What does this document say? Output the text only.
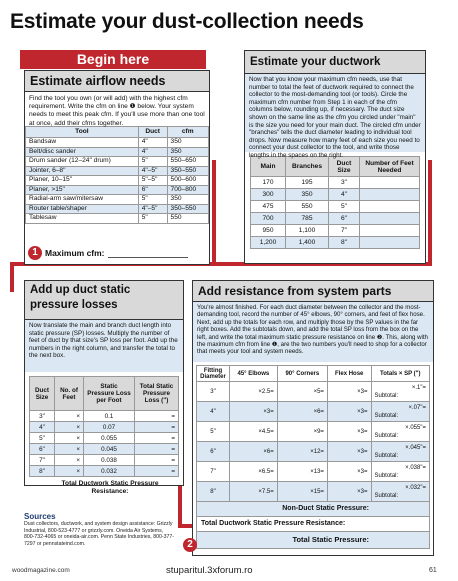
Estimate your dust-collection needs
Begin here
Estimate airflow needs
Find the tool you own (or will add) with the highest cfm requirement. Write the cfm on line ❶ below. Your system needs to meet this peak cfm. If you'll use more than one tool at once, add their cfms together.
Tool	Duct	cfm
Bandsaw	4"	350
Belt/disc sander	4"	350
Drum sander (12–24" drum)	5"	550–650
Jointer, 6–8"	4"–5"	350–550
Planer, 10–15"	5"–5"	500–600
Planer, >15"	6"	700–800
Radial-arm saw/mitersaw	5"	350
Router table/shaper	4"–5"	350–550
Tablesaw	5"	550
1 Maximum cfm:
Estimate your ductwork
Now that you know your maximum cfm needs, use that number to total the feet of ductwork required to connect the collector to the most-demanding tool (or tools). Circle the maximum cfm number from Step 1 in each of the cfm columns below, rounding up, if necessary. The duct size shown on the same line as the cfm you circled under "main" is the size you need for your main duct. The circled cfm under "branches" tells the duct diameter leading to individual tool drops. Now measure how many feet of each size you need to connect your dust collector to the tool, and write those lengths in the spaces on the right.
Main	Branches	Duct Size	Number of Feet Needed
170	195	3"	
300	350	4"	
475	550	5"	
700	785	6"	
950	1,100	7"	
1,200	1,400	8"	
Add up duct static pressure losses
Now translate the main and branch duct length into static pressure (SP) losses. Multiply the number of feet of duct by that size's SP loss per foot. Add up the numbers in the right column, and transfer the total to the next box.
Duct Size	No. of Feet	Static Pressure Loss per Foot	Total Static Pressure Loss (")
3"	×	0.1	=
4"	×	0.07	=
5"	×	0.055	=
6"	×	0.045	=
7"	×	0.038	=
8"	×	0.032	=
Total Ductwork Static Pressure Resistance:
Add resistance from system parts
You're almost finished. For each duct diameter between the collector and the most-demanding tool, record the number of 45° elbows, 90° corners, and feet of flex hose. Next, add up the totals for each row, and multiply those by the SP values in the far right boxes. Add the subtotals down, and add the total SP loss from the box on the left, and write the total maximum static pressure resistance on line ❷. This, along with the maximum cfm from line ❶, are the two numbers you'll need to shop for a collector that meets your tool and system needs.
Fitting Diameter	45° Elbows	90° Corners	Flex Hose	Totals × SP (")
3"	×2.5=	×5=	×3=	×.1"=
Subtotal:

4"	×3=	×6=	×3=	×.07"=
Subtotal:

5"	×4.5=	×9=	×3=	×.055"=
Subtotal:

6"	×6=	×12=	×3=	×.045"=
Subtotal:

7"	×6.5=	×13=	×3=	×.038"=
Subtotal:

8"	×7.5=	×15=	×3=	×.032"=
Subtotal:
Non-Duct Static Pressure:
Total Ductwork Static Pressure Resistance:
Total Static Pressure:
2
Sources
Dust collectors, ductwork, and system design assistance: Grizzly Industrial, 800-523-4777 or grizzly.com. Oneida Air Systems, 800-732-4065 or oneida-air.com. Penn State Industries, 800-377-7297 or pennstateind.com.
woodmagazine.com	stuparitul.3xforum.ro	61
